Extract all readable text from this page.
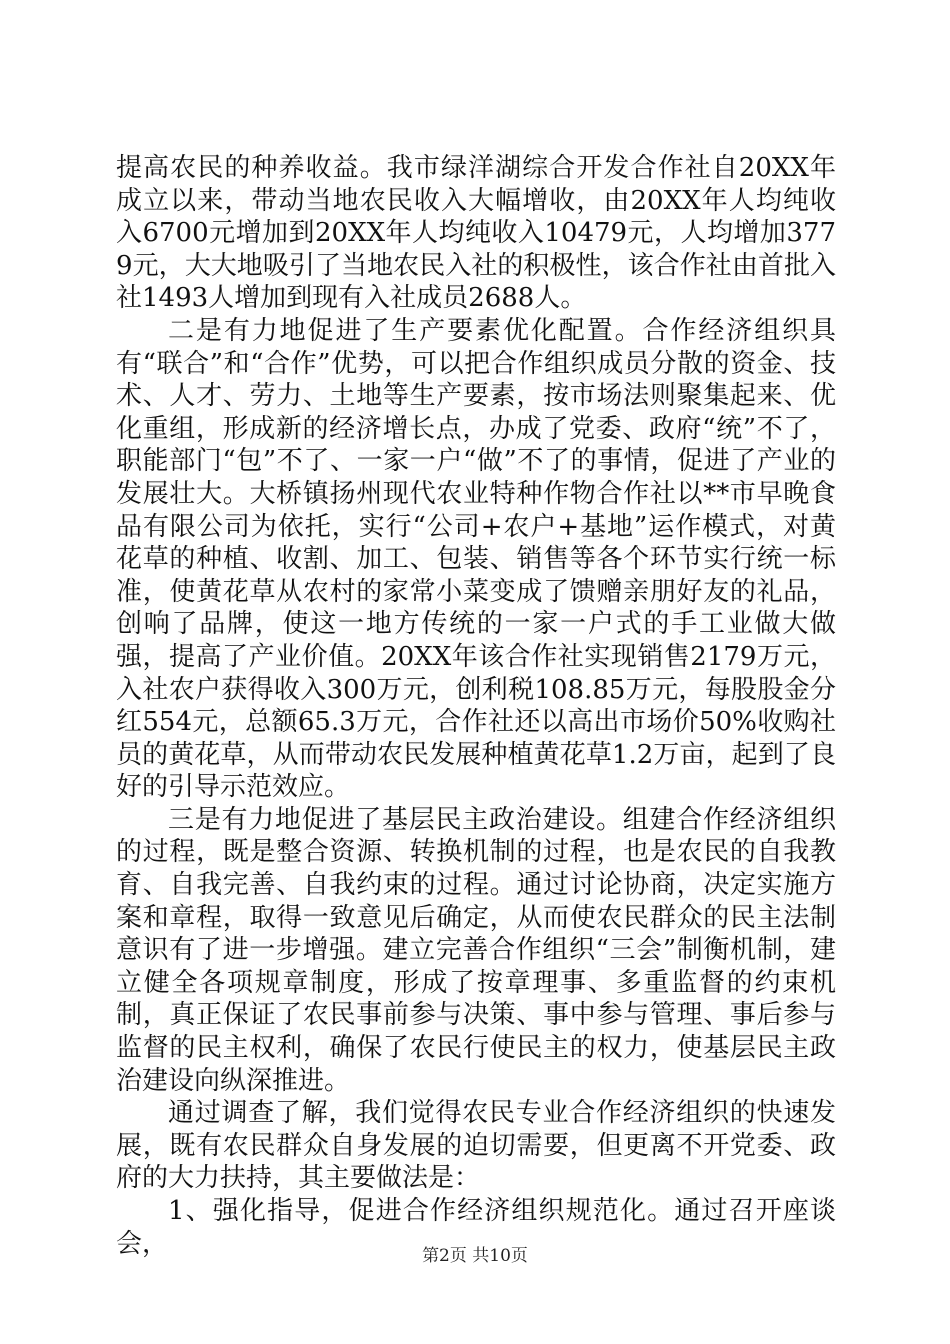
提高农民的种养收益。我市绿洋湖综合开发合作社自20XX年成立以来，带动当地农民收入大幅增收，由20XX年人均纯收入6700元增加到20XX年人均纯收入10479元，人均增加3779元，大大地吸引了当地农民入社的积极性，该合作社由首批入社1493人增加到现有入社成员2688人。

二是有力地促进了生产要素优化配置。合作经济组织具有“联合”和“合作”优势，可以把合作组织成员分散的资金、技术、人才、劳力、土地等生产要素，按市场法则聚集起来、优化重组，形成新的经济增长点，办成了党委、政府“统”不了，职能部门“包”不了、一家一户“做”不了的事情，促进了产业的发展壮大。大桥镇扬州现代农业特种作物合作社以**市早晚食品有限公司为依托，实行“公司+农户+基地”运作模式，对黄花草的种植、收割、加工、包装、销售等各个环节实行统一标准，使黄花草从农村的家常小菜变成了馈赠亲朋好友的礼品，创响了品牌，使这一地方传统的一家一户式的手工业做大做强，提高了产业价值。20XX年该合作社实现销售2179万元，入社农户获得收入300万元，创利税108.85万元，每股股金分红554元，总额65.3万元，合作社还以高出市场价50%收购社员的黄花草，从而带动农民发展种植黄花草1.2万亩，起到了良好的引导示范效应。

三是有力地促进了基层民主政治建设。组建合作经济组织的过程，既是整合资源、转换机制的过程，也是农民的自我教育、自我完善、自我约束的过程。通过讨论协商，决定实施方案和章程，取得一致意见后确定，从而使农民群众的民主法制意识有了进一步增强。建立完善合作组织“三会”制衡机制，建立健全各项规章制度，形成了按章理事、多重监督的约束机制，真正保证了农民事前参与决策、事中参与管理、事后参与监督的民主权利，确保了农民行使民主的权力，使基层民主政治建设向纵深推进。

通过调查了解，我们觉得农民专业合作经济组织的快速发展，既有农民群众自身发展的迫切需要，但更离不开党委、政府的大力扶持，其主要做法是：

1、强化指导，促进合作经济组织规范化。通过召开座谈会，	第2页 共10页
